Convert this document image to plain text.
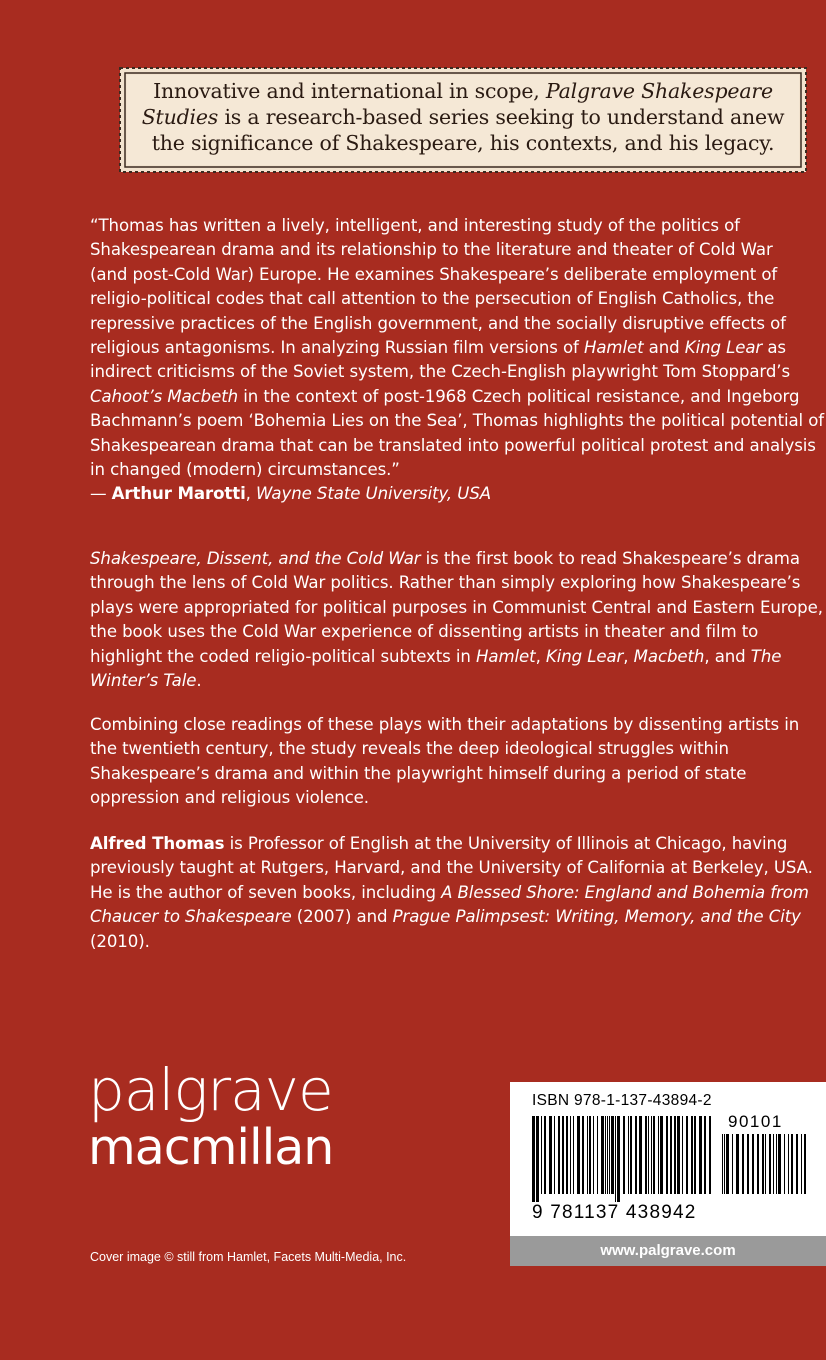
Innovative and international in scope, Palgrave Shakespeare
Studies is a research-based series seeking to understand anew
the significance of Shakespeare, his contexts, and his legacy.
“Thomas has written a lively, intelligent, and interesting study of the politics of
Shakespearean drama and its relationship to the literature and theater of Cold War
(and post-Cold War) Europe. He examines Shakespeare’s deliberate employment of
religio-political codes that call attention to the persecution of English Catholics, the
repressive practices of the English government, and the socially disruptive effects of
religious antagonisms. In analyzing Russian film versions of Hamlet and King Lear as
indirect criticisms of the Soviet system, the Czech-English playwright Tom Stoppard’s
Cahoot’s Macbeth in the context of post-1968 Czech political resistance, and Ingeborg
Bachmann’s poem ‘Bohemia Lies on the Sea’, Thomas highlights the political potential of
Shakespearean drama that can be translated into powerful political protest and analysis
in changed (modern) circumstances.”
— Arthur Marotti, Wayne State University, USA
Shakespeare, Dissent, and the Cold War is the first book to read Shakespeare’s drama
through the lens of Cold War politics. Rather than simply exploring how Shakespeare’s
plays were appropriated for political purposes in Communist Central and Eastern Europe,
the book uses the Cold War experience of dissenting artists in theater and film to
highlight the coded religio-political subtexts in Hamlet, King Lear, Macbeth, and The
Winter’s Tale.
Combining close readings of these plays with their adaptations by dissenting artists in
the twentieth century, the study reveals the deep ideological struggles within
Shakespeare’s drama and within the playwright himself during a period of state
oppression and religious violence.
Alfred Thomas is Professor of English at the University of Illinois at Chicago, having
previously taught at Rutgers, Harvard, and the University of California at Berkeley, USA.
He is the author of seven books, including A Blessed Shore: England and Bohemia from
Chaucer to Shakespeare (2007) and Prague Palimpsest: Writing, Memory, and the City
(2010).
palgrave
macmillan
Cover image © still from Hamlet, Facets Multi-Media, Inc.
ISBN 978-1-137-43894-2
90101
9 781137 438942
www.palgrave.com
